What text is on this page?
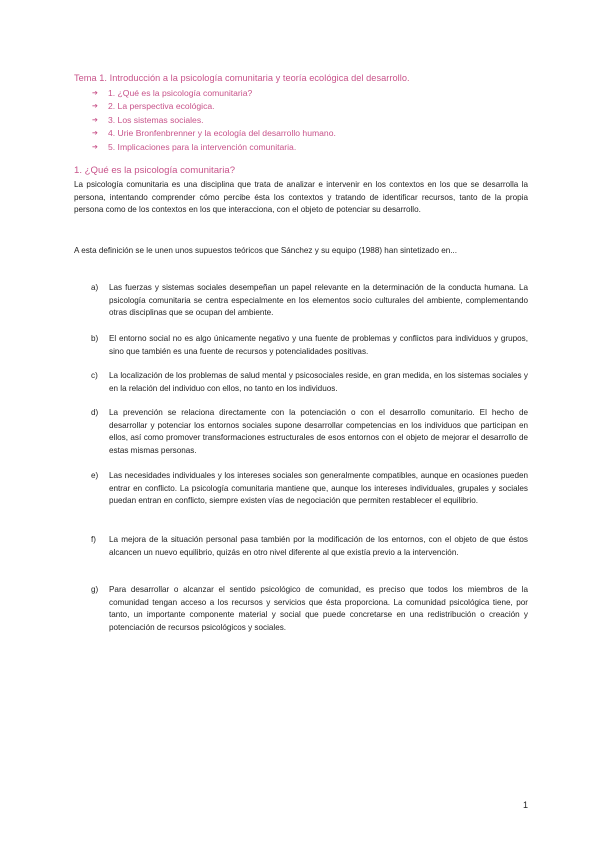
Tema 1. Introducción a la psicología comunitaria y teoría ecológica del desarrollo.
➔	1. ¿Qué es la psicología comunitaria?
➔	2. La perspectiva ecológica.
➔	3. Los sistemas sociales.
➔	4. Urie Bronfenbrenner y la ecología del desarrollo humano.
➔	5. Implicaciones para la intervención comunitaria.
1. ¿Qué es la psicología comunitaria?

La psicología comunitaria es una disciplina que trata de analizar e intervenir en los contextos en los que se desarrolla la persona, intentando comprender cómo percibe ésta los contextos y tratando de identificar recursos, tanto de la propia persona como de los contextos en los que interacciona, con el objeto de potenciar su desarrollo.

A esta definición se le unen unos supuestos teóricos que Sánchez y su equipo (1988) han sintetizado en...

a)	Las fuerzas y sistemas sociales desempeñan un papel relevante en la determinación de la conducta humana. La psicología comunitaria se centra especialmente en los elementos socio culturales del ambiente, complementando otras disciplinas que se ocupan del ambiente.
b)	El entorno social no es algo únicamente negativo y una fuente de problemas y conflictos para individuos y grupos, sino que también es una fuente de recursos y potencialidades positivas.
c)	La localización de los problemas de salud mental y psicosociales reside, en gran medida, en los sistemas sociales y en la relación del individuo con ellos, no tanto en los individuos.
d)	La prevención se relaciona directamente con la potenciación o con el desarrollo comunitario. El hecho de desarrollar y potenciar los entornos sociales supone desarrollar competencias en los individuos que participan en ellos, así como promover transformaciones estructurales de esos entornos con el objeto de mejorar el desarrollo de estas mismas personas.
e)	Las necesidades individuales y los intereses sociales son generalmente compatibles, aunque en ocasiones pueden entrar en conflicto. La psicología comunitaria mantiene que, aunque los intereses individuales, grupales y sociales puedan entran en conflicto, siempre existen vías de negociación que permiten restablecer el equilibrio.
f)	La mejora de la situación personal pasa también por la modificación de los entornos, con el objeto de que éstos alcancen un nuevo equilibrio, quizás en otro nivel diferente al que existía previo a la intervención.
g)	Para desarrollar o alcanzar el sentido psicológico de comunidad, es preciso que todos los miembros de la comunidad tengan acceso a los recursos y servicios que ésta proporciona. La comunidad psicológica tiene, por tanto, un importante componente material y social que puede concretarse en una redistribución o creación y potenciación de recursos psicológicos y sociales.
1
